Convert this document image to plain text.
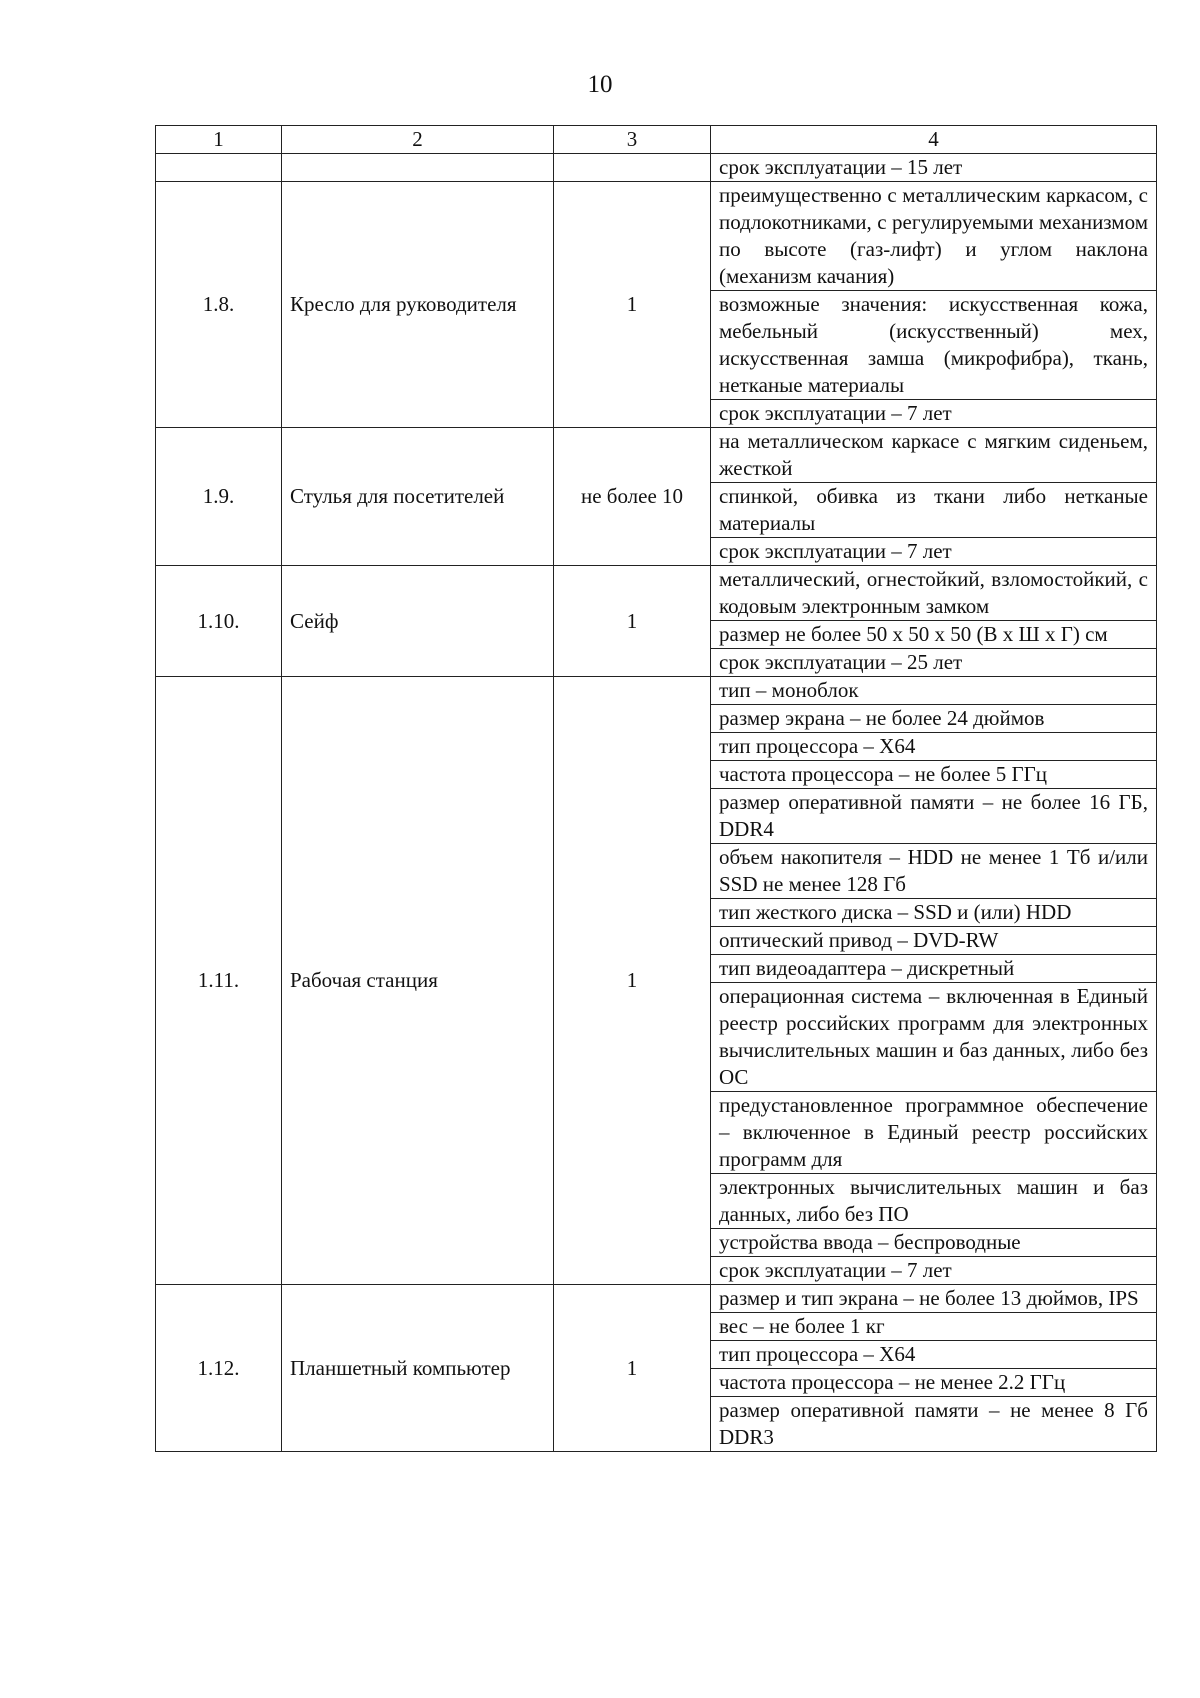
10
1	2	3	4
			срок эксплуатации – 15 лет
1.8.	Кресло для руководителя	1	преимущественно с металлическим каркасом, с подлокотниками, с регулируемыми механизмом по высоте (газ-лифт) и углом наклона (механизм качания)
			возможные значения: искусственная кожа, мебельный (искусственный) мех, искусственная замша (микрофибра), ткань, нетканые материалы
			срок эксплуатации – 7 лет
1.9.	Стулья для посетителей	не более 10	на металлическом каркасе с мягким сиденьем, жесткой
			спинкой, обивка из ткани либо нетканые материалы
			срок эксплуатации – 7 лет
1.10.	Сейф	1	металлический, огнестойкий, взломостойкий, с кодовым электронным замком
			размер не более 50 х 50 х 50 (В х Ш х Г) см
			срок эксплуатации – 25 лет
1.11.	Рабочая станция	1	тип – моноблок
			размер экрана – не более 24 дюймов
			тип процессора – X64
			частота процессора – не более 5 ГГц
			размер оперативной памяти – не более 16 ГБ, DDR4
			объем накопителя – HDD не менее 1 Тб и/или SSD не менее 128 Гб
			тип жесткого диска – SSD и (или) HDD
			оптический привод – DVD-RW
			тип видеоадаптера – дискретный
			операционная система – включенная в Единый реестр российских программ для электронных вычислительных машин и баз данных, либо без ОС
			предустановленное программное обеспечение – включенное в Единый реестр российских программ для
			электронных вычислительных машин и баз данных, либо без ПО
			устройства ввода – беспроводные
			срок эксплуатации – 7 лет
1.12.	Планшетный компьютер	1	размер и тип экрана – не более 13 дюймов, IPS
			вес – не более 1 кг
			тип процессора – X64
			частота процессора – не менее 2.2 ГГц
			размер оперативной памяти – не менее 8 Гб DDR3
